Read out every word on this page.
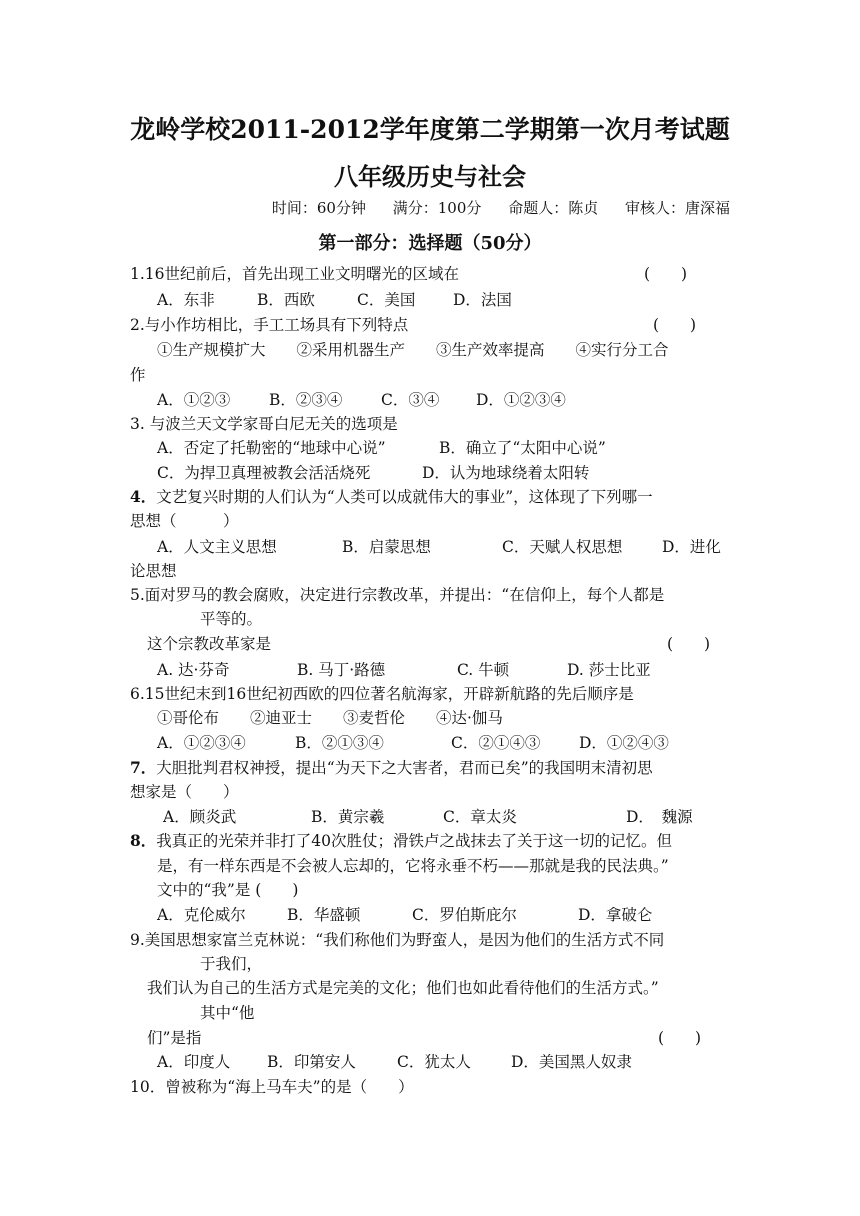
龙岭学校2011-2012学年度第二学期第一次月考试题
八年级历史与社会
时间：60分钟 满分：100分 命题人：陈贞 审核人：唐深福
第一部分：选择题（50分）
1.16世纪前后，首先出现工业文明曙光的区域在	(　　)
A．东非	B．西欧	C．美国 D．法国
2.与小作坊相比，手工工场具有下列特点	(　　)
①生产规模扩大　　②采用机器生产　　③生产效率提高　　④实行分工合
作
A．①②③	B．②③④ C．③④ D．①②③④
3. 与波兰天文学家哥白尼无关的选项是
A．否定了托勒密的“地球中心说”	B．确立了“太阳中心说”
C．为捍卫真理被教会活活烧死	D．认为地球绕着太阳转
4．文艺复兴时期的人们认为“人类可以成就伟大的事业”，这体现了下列哪一
思想（　　　）
A．人文主义思想	B．启蒙思想	C．天赋人权思想	D．进化
论思想
5.面对罗马的教会腐败，决定进行宗教改革，并提出：“在信仰上，每个人都是
平等的。
这个宗教改革家是	(　　)
A. 达·芬奇	B. 马丁·路德	C. 牛顿	D. 莎士比亚
6.15世纪末到16世纪初西欧的四位著名航海家，开辟新航路的先后顺序是
①哥伦布　　②迪亚士　　③麦哲伦　　④达·伽马
A．①②③④	B．②①③④	C．②①④③ D．①②④③
7．大胆批判君权神授，提出“为天下之大害者，君而已矣”的我国明末清初思
想家是（　　）
A．顾炎武	B．黄宗羲	C．章太炎	D．　魏源
8．我真正的光荣并非打了40次胜仗；滑铁卢之战抹去了关于这一切的记忆。但
是，有一样东西是不会被人忘却的，它将永垂不朽——那就是我的民法典。”
文中的“我”是 (　　)
A．克伦威尔	B．华盛顿	C．罗伯斯庇尔	D．拿破仑
9.美国思想家富兰克林说：“我们称他们为野蛮人，是因为他们的生活方式不同
于我们，
我们认为自己的生活方式是完美的文化；他们也如此看待他们的生活方式。”
其中“他
们”是指	(　　)
A．印度人 B．印第安人	C．犹太人	D．美国黑人奴隶
10．曾被称为“海上马车夫”的是（　　）
